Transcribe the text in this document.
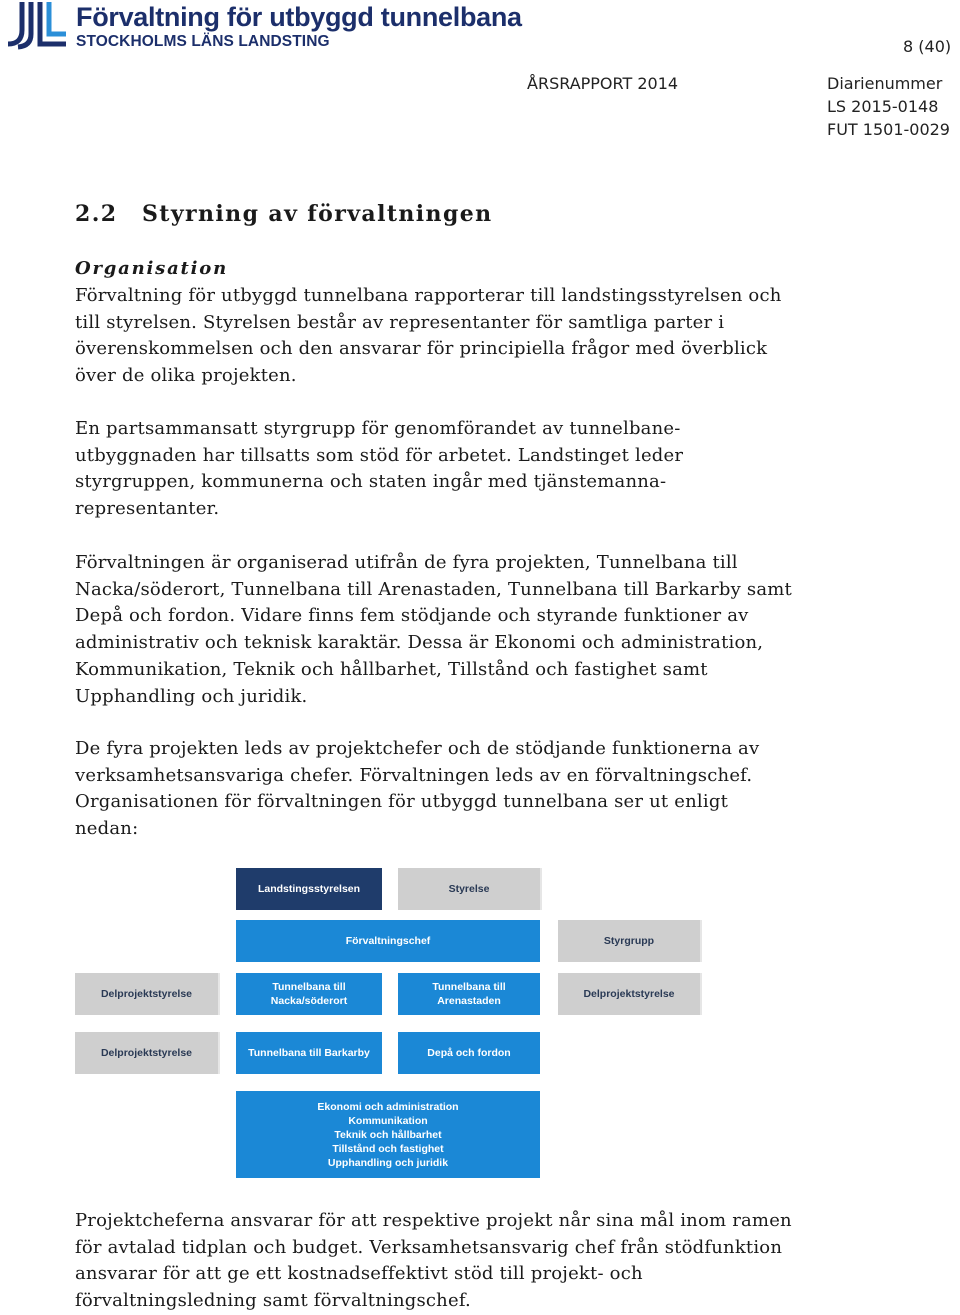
Förvaltning för utbyggd tunnelbana
STOCKHOLMS LÄNS LANDSTING	8 (40)
ÅRSRAPPORT 2014	Diarienummer
LS 2015-0148
FUT 1501-0029
2.2 Styrning av förvaltningen
Organisation
Förvaltning för utbyggd tunnelbana rapporterar till landstingsstyrelsen och till styrelsen. Styrelsen består av representanter för samtliga parter i överenskommelsen och den ansvarar för principiella frågor med överblick över de olika projekten.
En partsammansatt styrgrupp för genomförandet av tunnelbane- utbyggnaden har tillsatts som stöd för arbetet. Landstinget leder styrgruppen, kommunerna och staten ingår med tjänstemanna- representanter.
Förvaltningen är organiserad utifrån de fyra projekten, Tunnelbana till Nacka/söderort, Tunnelbana till Arenastaden, Tunnelbana till Barkarby samt Depå och fordon. Vidare finns fem stödjande och styrande funktioner av administrativ och teknisk karaktär. Dessa är Ekonomi och administration, Kommunikation, Teknik och hållbarhet, Tillstånd och fastighet samt Upphandling och juridik.
De fyra projekten leds av projektchefer och de stödjande funktionerna av verksamhetsansvariga chefer. Förvaltningen leds av en förvaltningschef. Organisationen för förvaltningen för utbyggd tunnelbana ser ut enligt nedan:
Landstingsstyrelsen	Styrelse
Förvaltningschef	Styrgrupp
Delprojektstyrelse
Tunnelbana till
Nacka/söderort
Tunnelbana till
Arenastaden
Delprojektstyrelse
Delprojektstyrelse	Tunnelbana till Barkarby	Depå och fordon
Ekonomi och administration
Kommunikation
Teknik och hållbarhet
Tillstånd och fastighet
Upphandling och juridik
Projektcheferna ansvarar för att respektive projekt når sina mål inom ramen för avtalad tidplan och budget. Verksamhetsansvarig chef från stödfunktion ansvarar för att ge ett kostnadseffektivt stöd till projekt- och förvaltningsledning samt förvaltningschef.
